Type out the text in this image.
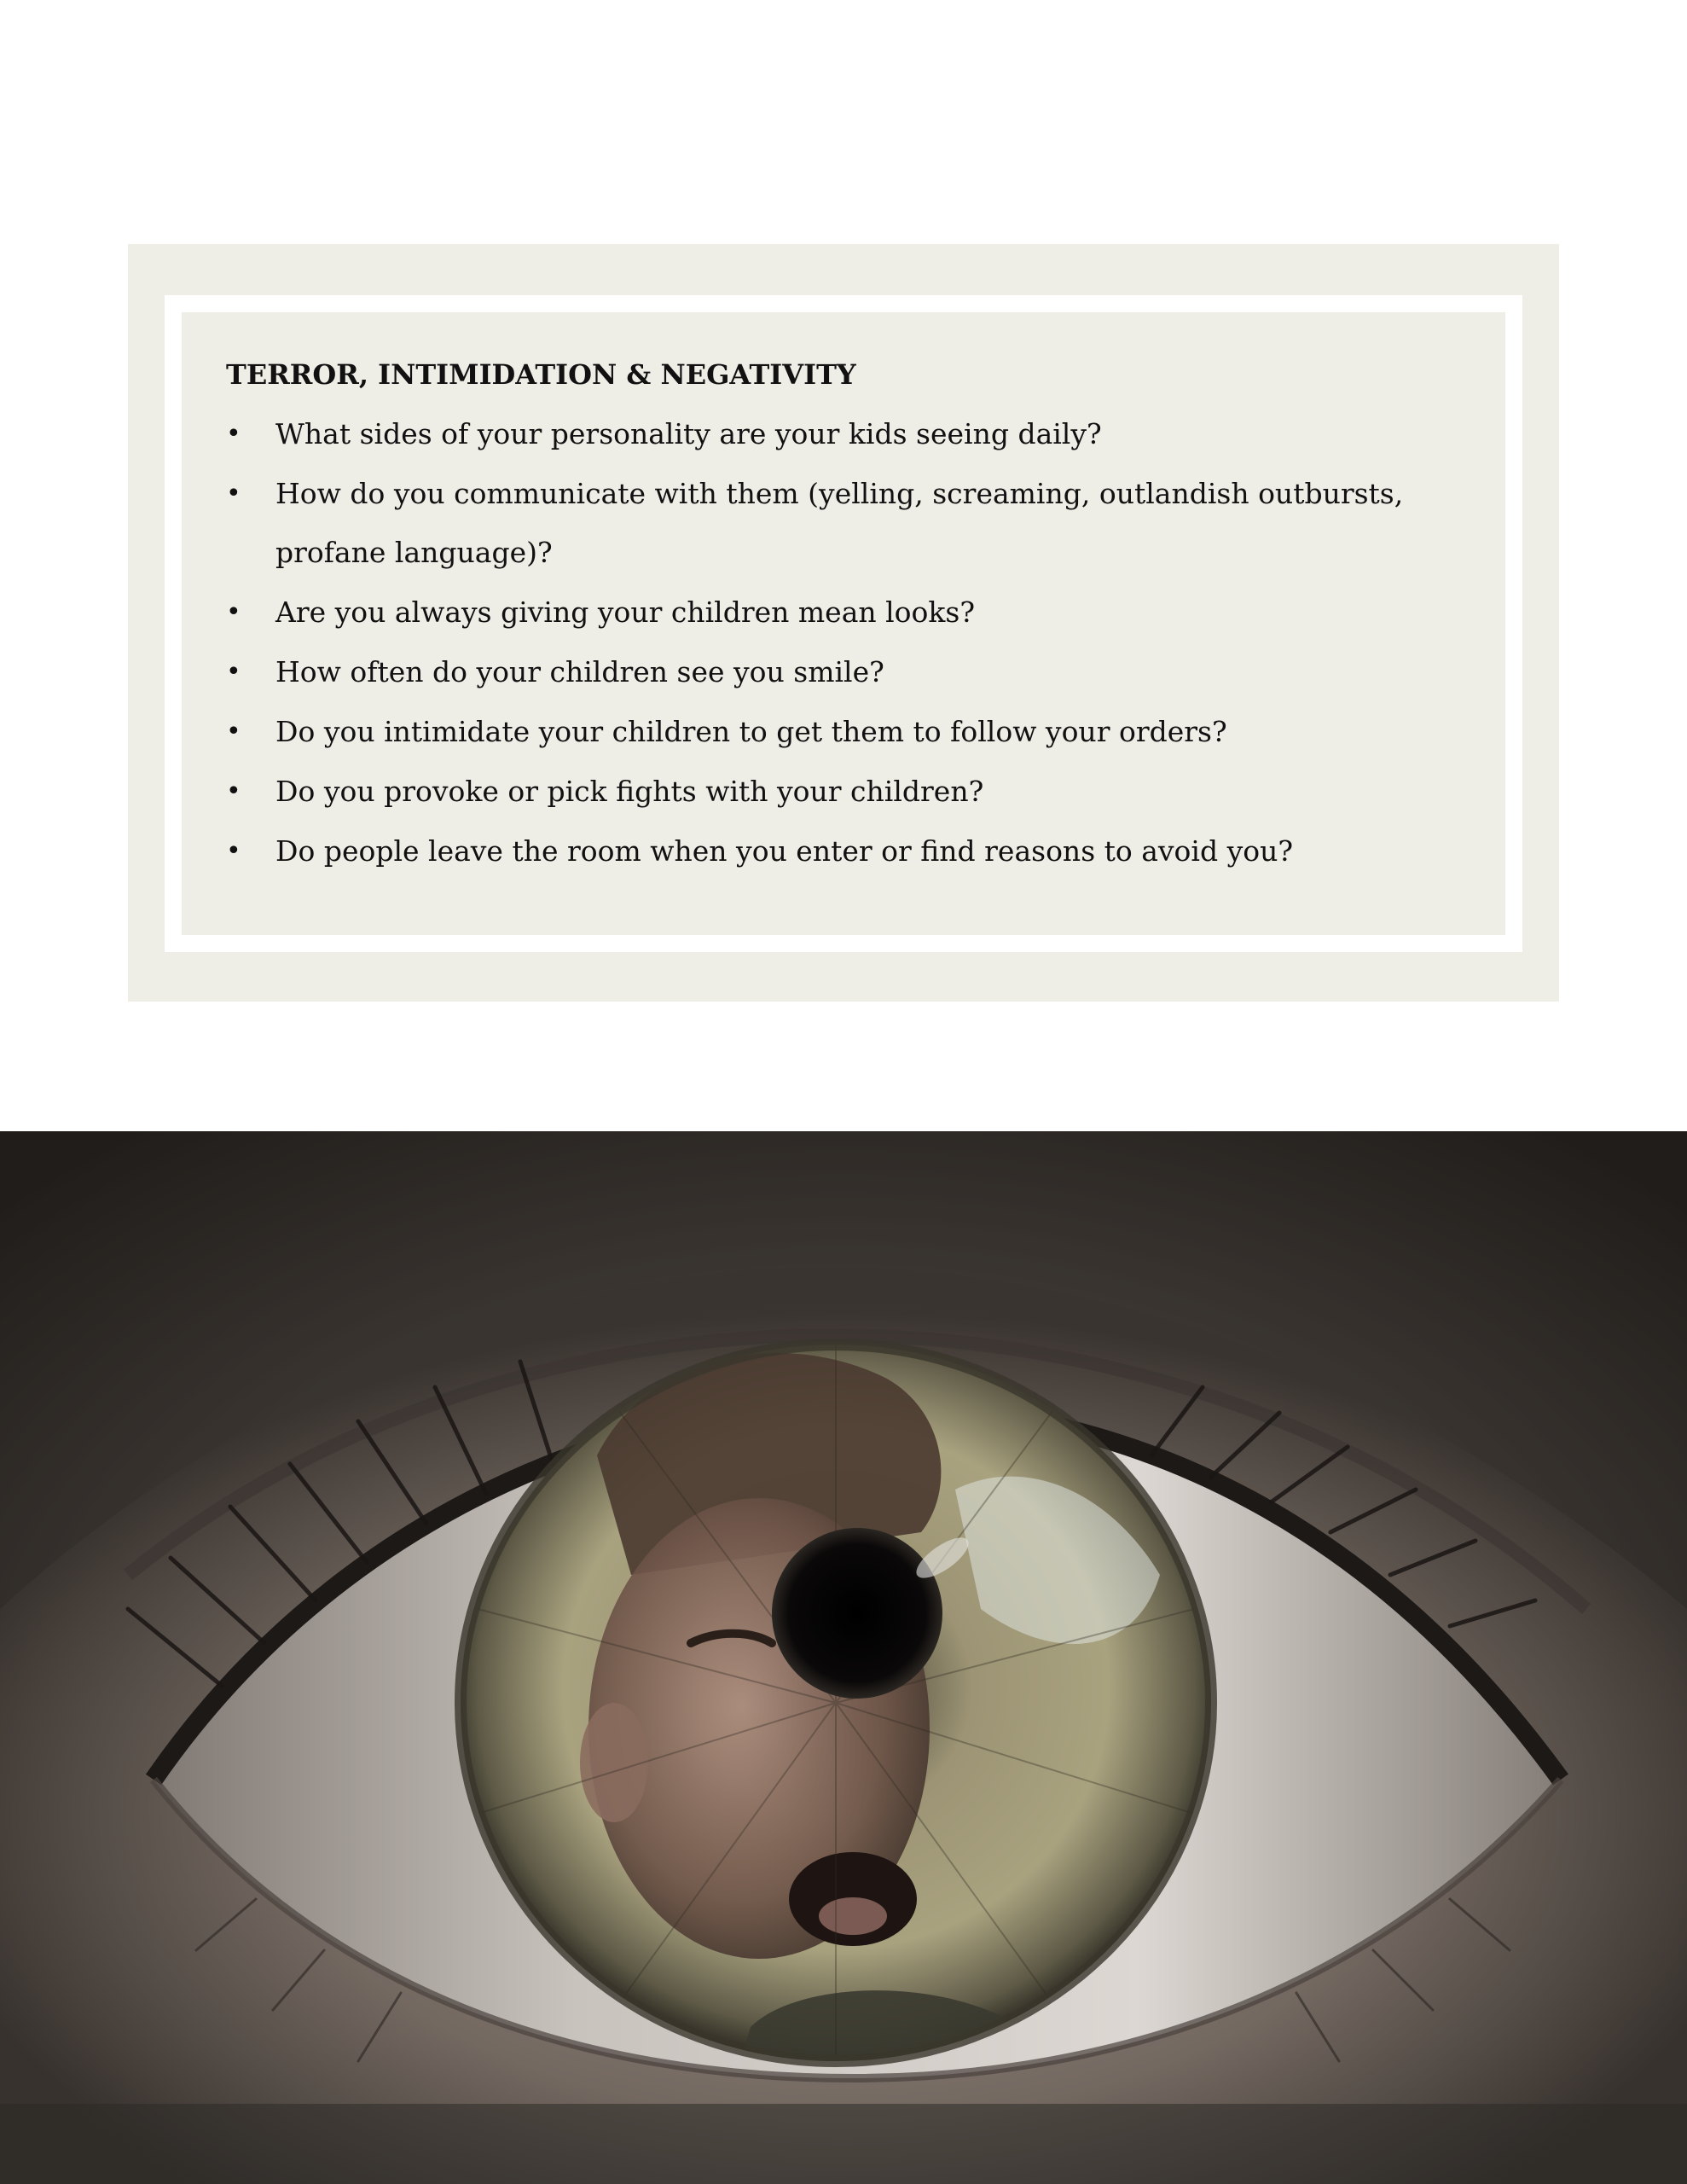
TERROR, INTIMIDATION & NEGATIVITY
• What sides of your personality are your kids seeing daily?
• How do you communicate with them (yelling, screaming, outlandish outbursts, profane language)?
• Are you always giving your children mean looks?
• How often do your children see you smile?
• Do you intimidate your children to get them to follow your orders?
• Do you provoke or pick fights with your children?
• Do people leave the room when you enter or find reasons to avoid you?
